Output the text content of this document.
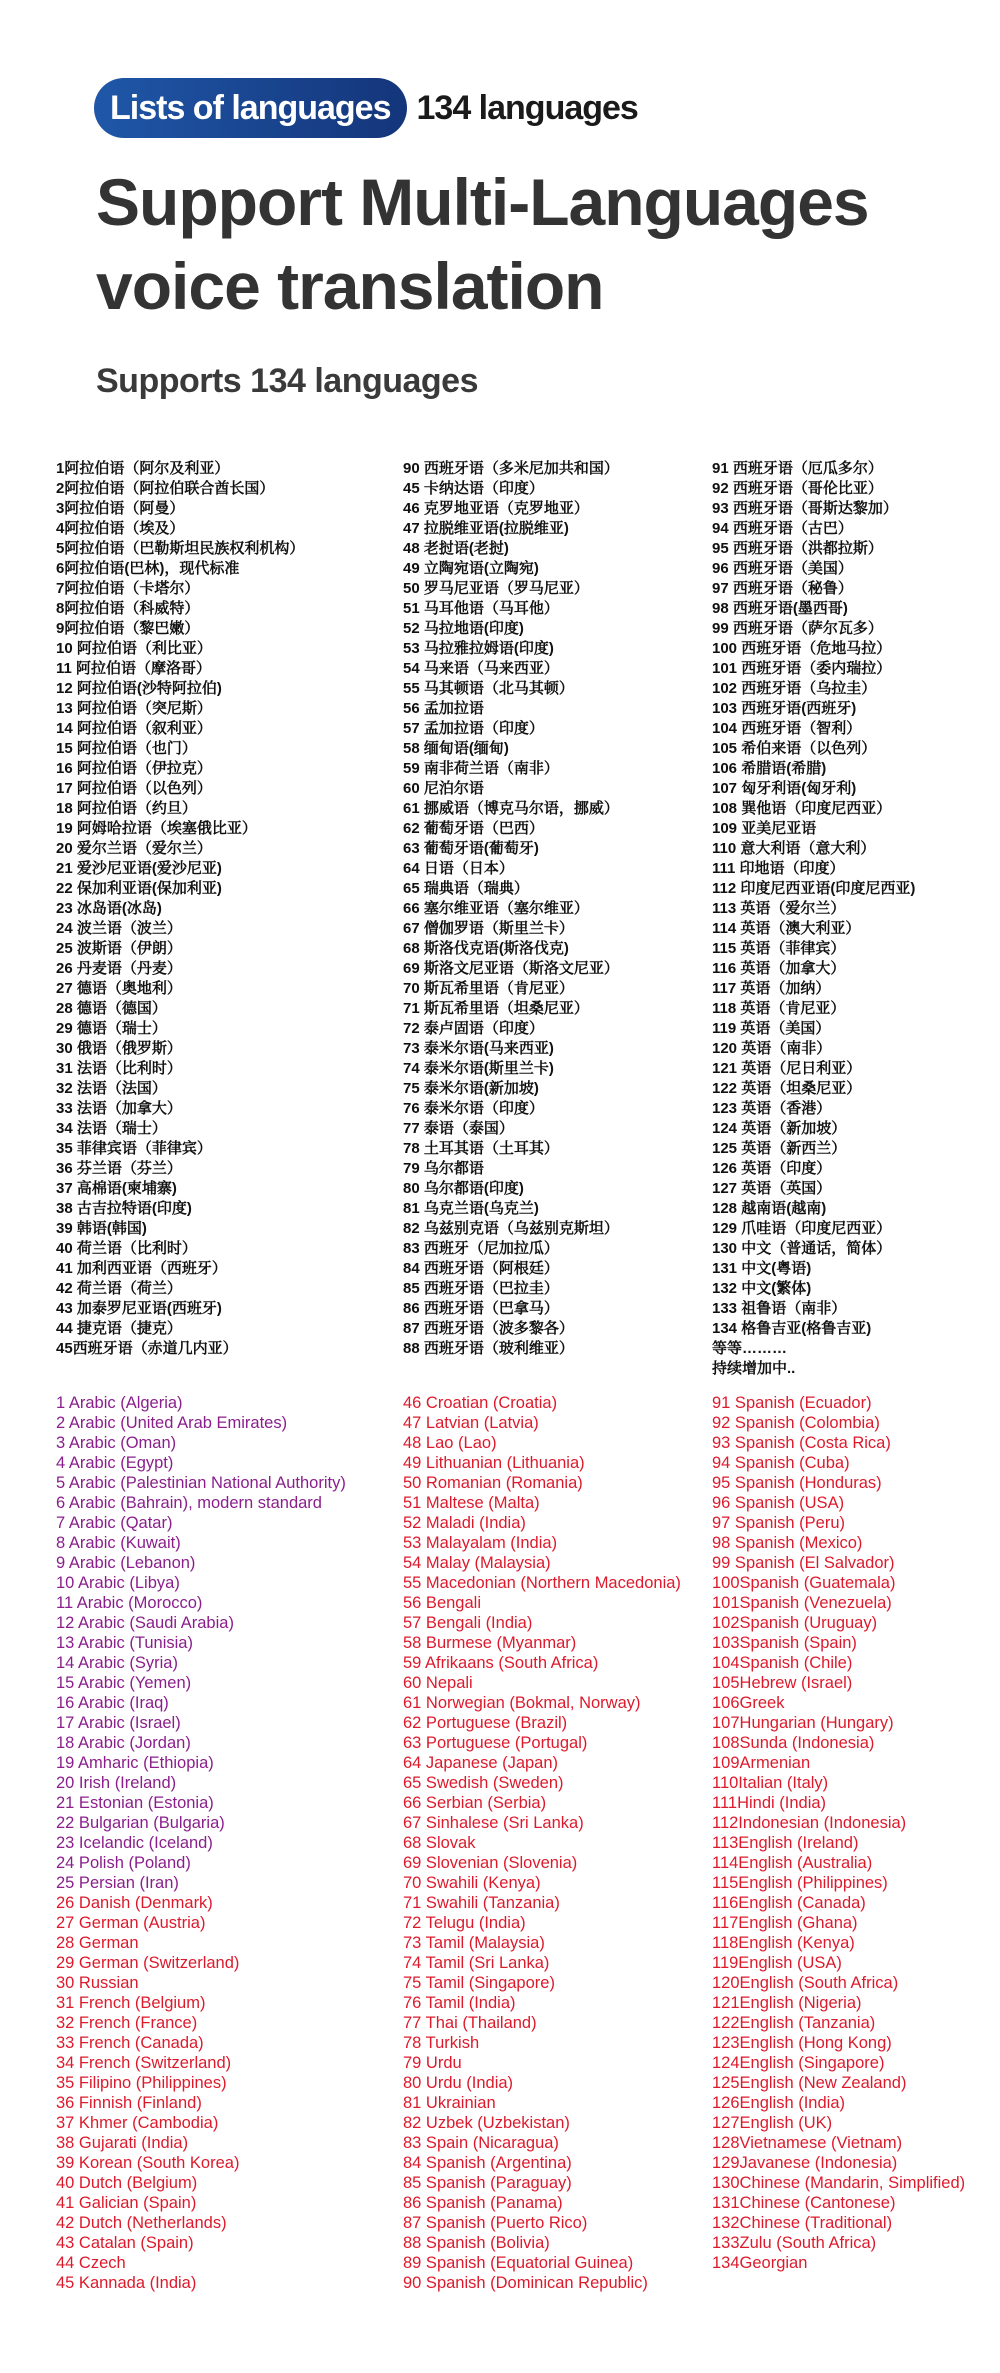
Lists of languages 134 languages
Support Multi-Languages voice translation
Supports 134 languages
1阿拉伯语（阿尔及利亚）
2阿拉伯语（阿拉伯联合酋长国）
3阿拉伯语（阿曼）
4阿拉伯语（埃及）
5阿拉伯语（巴勒斯坦民族权利机构）
6阿拉伯语(巴林)，现代标准
7阿拉伯语（卡塔尔）
8阿拉伯语（科威特）
9阿拉伯语（黎巴嫩）
10 阿拉伯语（利比亚）
11 阿拉伯语（摩洛哥）
12 阿拉伯语(沙特阿拉伯)
13 阿拉伯语（突尼斯）
14 阿拉伯语（叙利亚）
15 阿拉伯语（也门）
16 阿拉伯语（伊拉克）
17 阿拉伯语（以色列）
18 阿拉伯语（约旦）
19 阿姆哈拉语（埃塞俄比亚）
20 爱尔兰语（爱尔兰）
21 爱沙尼亚语(爱沙尼亚)
22 保加利亚语(保加利亚)
23 冰岛语(冰岛)
24 波兰语（波兰）
25 波斯语（伊朗）
26 丹麦语（丹麦）
27 德语（奥地利）
28 德语（德国）
29 德语（瑞士）
30 俄语（俄罗斯）
31 法语（比利时）
32 法语（法国）
33 法语（加拿大）
34 法语（瑞士）
35 菲律宾语（菲律宾）
36 芬兰语（芬兰）
37 高棉语(柬埔寨)
38 古吉拉特语(印度)
39 韩语(韩国)
40 荷兰语（比利时）
41 加利西亚语（西班牙）
42 荷兰语（荷兰）
43 加泰罗尼亚语(西班牙)
44 捷克语（捷克）
45西班牙语（赤道几内亚）
90 西班牙语（多米尼加共和国）
45 卡纳达语（印度）
46 克罗地亚语（克罗地亚）
47 拉脱维亚语(拉脱维亚)
48 老挝语(老挝)
49 立陶宛语(立陶宛)
50 罗马尼亚语（罗马尼亚）
51 马耳他语（马耳他）
52 马拉地语(印度)
53 马拉雅拉姆语(印度)
54 马来语（马来西亚）
55 马其顿语（北马其顿）
56 孟加拉语
57 孟加拉语（印度）
58 缅甸语(缅甸)
59 南非荷兰语（南非）
60 尼泊尔语
61 挪威语（博克马尔语，挪威）
62 葡萄牙语（巴西）
63 葡萄牙语(葡萄牙)
64 日语（日本）
65 瑞典语（瑞典）
66 塞尔维亚语（塞尔维亚）
67 僧伽罗语（斯里兰卡）
68 斯洛伐克语(斯洛伐克)
69 斯洛文尼亚语（斯洛文尼亚）
70 斯瓦希里语（肯尼亚）
71 斯瓦希里语（坦桑尼亚）
72 泰卢固语（印度）
73 泰米尔语(马来西亚)
74 泰米尔语(斯里兰卡)
75 泰米尔语(新加坡)
76 泰米尔语（印度）
77 泰语（泰国）
78 土耳其语（土耳其）
79 乌尔都语
80 乌尔都语(印度)
81 乌克兰语(乌克兰)
82 乌兹别克语（乌兹别克斯坦）
83 西班牙（尼加拉瓜）
84 西班牙语（阿根廷）
85 西班牙语（巴拉圭）
86 西班牙语（巴拿马）
87 西班牙语（波多黎各）
88 西班牙语（玻利维亚）
91 西班牙语（厄瓜多尔）
92 西班牙语（哥伦比亚）
93 西班牙语（哥斯达黎加）
94 西班牙语（古巴）
95 西班牙语（洪都拉斯）
96 西班牙语（美国）
97 西班牙语（秘鲁）
98 西班牙语(墨西哥)
99 西班牙语（萨尔瓦多）
100 西班牙语（危地马拉）
101 西班牙语（委内瑞拉）
102 西班牙语（乌拉圭）
103 西班牙语(西班牙)
104 西班牙语（智利）
105 希伯来语（以色列）
106 希腊语(希腊)
107 匈牙利语(匈牙利)
108 巽他语（印度尼西亚）
109 亚美尼亚语
110 意大利语（意大利）
111 印地语（印度）
112 印度尼西亚语(印度尼西亚)
113 英语（爱尔兰）
114 英语（澳大利亚）
115 英语（菲律宾）
116 英语（加拿大）
117 英语（加纳）
118 英语（肯尼亚）
119 英语（美国）
120 英语（南非）
121 英语（尼日利亚）
122 英语（坦桑尼亚）
123 英语（香港）
124 英语（新加坡）
125 英语（新西兰）
126 英语（印度）
127 英语（英国）
128 越南语(越南)
129 爪哇语（印度尼西亚）
130 中文（普通话，简体）
131 中文(粤语)
132 中文(繁体)
133 祖鲁语（南非）
134 格鲁吉亚(格鲁吉亚)
等等………
持续增加中..
1 Arabic (Algeria)
2 Arabic (United Arab Emirates)
3 Arabic (Oman)
4 Arabic (Egypt)
5 Arabic (Palestinian National Authority)
6 Arabic (Bahrain), modern standard
7 Arabic (Qatar)
8 Arabic (Kuwait)
9 Arabic (Lebanon)
10 Arabic (Libya)
11 Arabic (Morocco)
12 Arabic (Saudi Arabia)
13 Arabic (Tunisia)
14 Arabic (Syria)
15 Arabic (Yemen)
16 Arabic (Iraq)
17 Arabic (Israel)
18 Arabic (Jordan)
19 Amharic (Ethiopia)
20 Irish (Ireland)
21 Estonian (Estonia)
22 Bulgarian (Bulgaria)
23 Icelandic (Iceland)
24 Polish (Poland)
25 Persian (Iran)
26 Danish (Denmark)
27 German (Austria)
28 German
29 German (Switzerland)
30 Russian
31 French (Belgium)
32 French (France)
33 French (Canada)
34 French (Switzerland)
35 Filipino (Philippines)
36 Finnish (Finland)
37 Khmer (Cambodia)
38 Gujarati (India)
39 Korean (South Korea)
40 Dutch (Belgium)
41 Galician (Spain)
42 Dutch (Netherlands)
43 Catalan (Spain)
44 Czech
45 Kannada (India)
46 Croatian (Croatia)
47 Latvian (Latvia)
48 Lao (Lao)
49 Lithuanian (Lithuania)
50 Romanian (Romania)
51 Maltese (Malta)
52 Maladi (India)
53 Malayalam (India)
54 Malay (Malaysia)
55 Macedonian (Northern Macedonia)
56 Bengali
57 Bengali (India)
58 Burmese (Myanmar)
59 Afrikaans (South Africa)
60 Nepali
61 Norwegian (Bokmal, Norway)
62 Portuguese (Brazil)
63 Portuguese (Portugal)
64 Japanese (Japan)
65 Swedish (Sweden)
66 Serbian (Serbia)
67 Sinhalese (Sri Lanka)
68 Slovak
69 Slovenian (Slovenia)
70 Swahili (Kenya)
71 Swahili (Tanzania)
72 Telugu (India)
73 Tamil (Malaysia)
74 Tamil (Sri Lanka)
75 Tamil (Singapore)
76 Tamil (India)
77 Thai (Thailand)
78 Turkish
79 Urdu
80 Urdu (India)
81 Ukrainian
82 Uzbek (Uzbekistan)
83 Spain (Nicaragua)
84 Spanish (Argentina)
85 Spanish (Paraguay)
86 Spanish (Panama)
87 Spanish (Puerto Rico)
88 Spanish (Bolivia)
89 Spanish (Equatorial Guinea)
90 Spanish (Dominican Republic)
91 Spanish (Ecuador)
92 Spanish (Colombia)
93 Spanish (Costa Rica)
94 Spanish (Cuba)
95 Spanish (Honduras)
96 Spanish (USA)
97 Spanish (Peru)
98 Spanish (Mexico)
99 Spanish (El Salvador)
100Spanish (Guatemala)
101Spanish (Venezuela)
102Spanish (Uruguay)
103Spanish (Spain)
104Spanish (Chile)
105Hebrew (Israel)
106Greek
107Hungarian (Hungary)
108Sunda (Indonesia)
109Armenian
110Italian (Italy)
111Hindi (India)
112Indonesian (Indonesia)
113English (Ireland)
114English (Australia)
115English (Philippines)
116English (Canada)
117English (Ghana)
118English (Kenya)
119English (USA)
120English (South Africa)
121English (Nigeria)
122English (Tanzania)
123English (Hong Kong)
124English (Singapore)
125English (New Zealand)
126English (India)
127English (UK)
128Vietnamese (Vietnam)
129Javanese (Indonesia)
130Chinese (Mandarin, Simplified)
131Chinese (Cantonese)
132Chinese (Traditional)
133Zulu (South Africa)
134Georgian
